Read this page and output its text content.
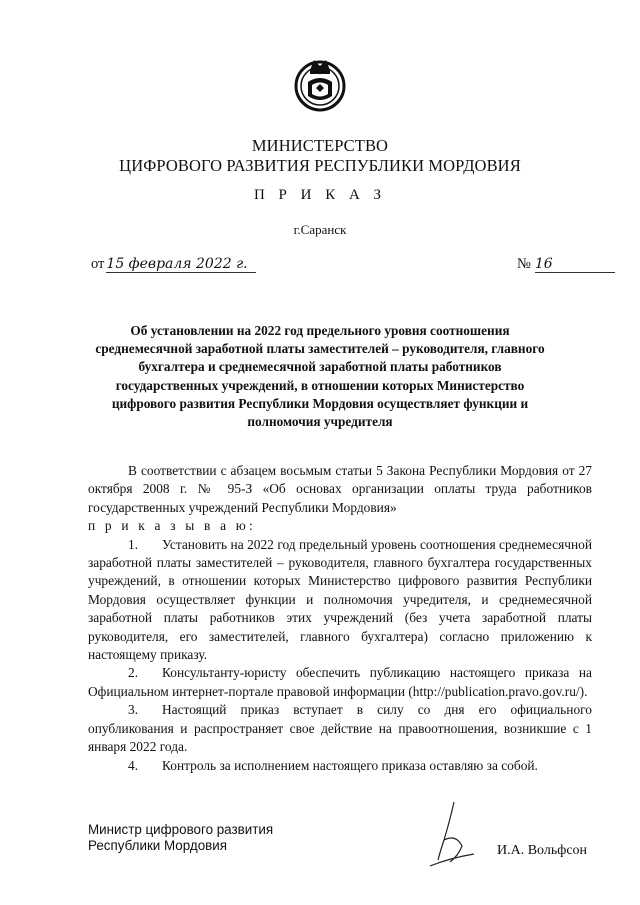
МИНИСТЕРСТВО
ЦИФРОВОГО РАЗВИТИЯ РЕСПУБЛИКИ МОРДОВИЯ
П Р И К А З
г.Саранск
от 15 февраля 2022 г.	№ 16
Об установлении на 2022 год предельного уровня соотношения среднемесячной заработной платы заместителей – руководителя, главного бухгалтера и среднемесячной заработной платы работников государственных учреждений, в отношении которых Министерство цифрового развития Республики Мордовия осуществляет функции и полномочия учредителя

В соответствии с абзацем восьмым статьи 5 Закона Республики Мордовия от 27 октября 2008 г. № 95-З «Об основах организации оплаты труда работников государственных учреждений Республики Мордовия»

п р и к а з ы в а ю:

1. Установить на 2022 год предельный уровень соотношения среднемесячной заработной платы заместителей – руководителя, главного бухгалтера государственных учреждений, в отношении которых Министерство цифрового развития Республики Мордовия осуществляет функции и полномочия учредителя, и среднемесячной заработной платы работников этих учреждений (без учета заработной платы руководителя, его заместителей, главного бухгалтера) согласно приложению к настоящему приказу.

2. Консультанту-юристу обеспечить публикацию настоящего приказа на Официальном интернет-портале правовой информации (http://publication.pravo.gov.ru/).

3. Настоящий приказ вступает в силу со дня его официального опубликования и распространяет свое действие на правоотношения, возникшие с 1 января 2022 года.

4. Контроль за исполнением настоящего приказа оставляю за собой.

Министр цифрового развития
Республики Мордовия	И.А. Вольфсон
